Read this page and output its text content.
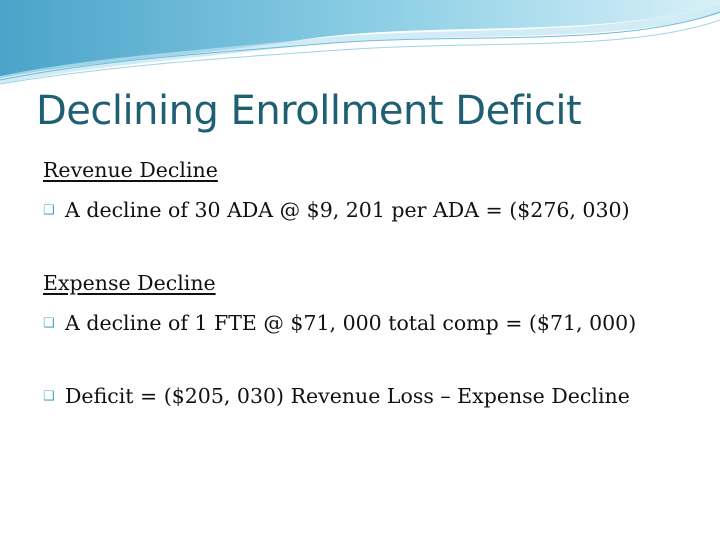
Declining Enrollment Deficit
Revenue Decline
❑ A decline of 30 ADA @ $9, 201 per ADA = ($276, 030)
Expense Decline
❑ A decline of 1 FTE @ $71, 000 total comp = ($71, 000)
❑ Deficit = ($205, 030) Revenue Loss – Expense Decline
